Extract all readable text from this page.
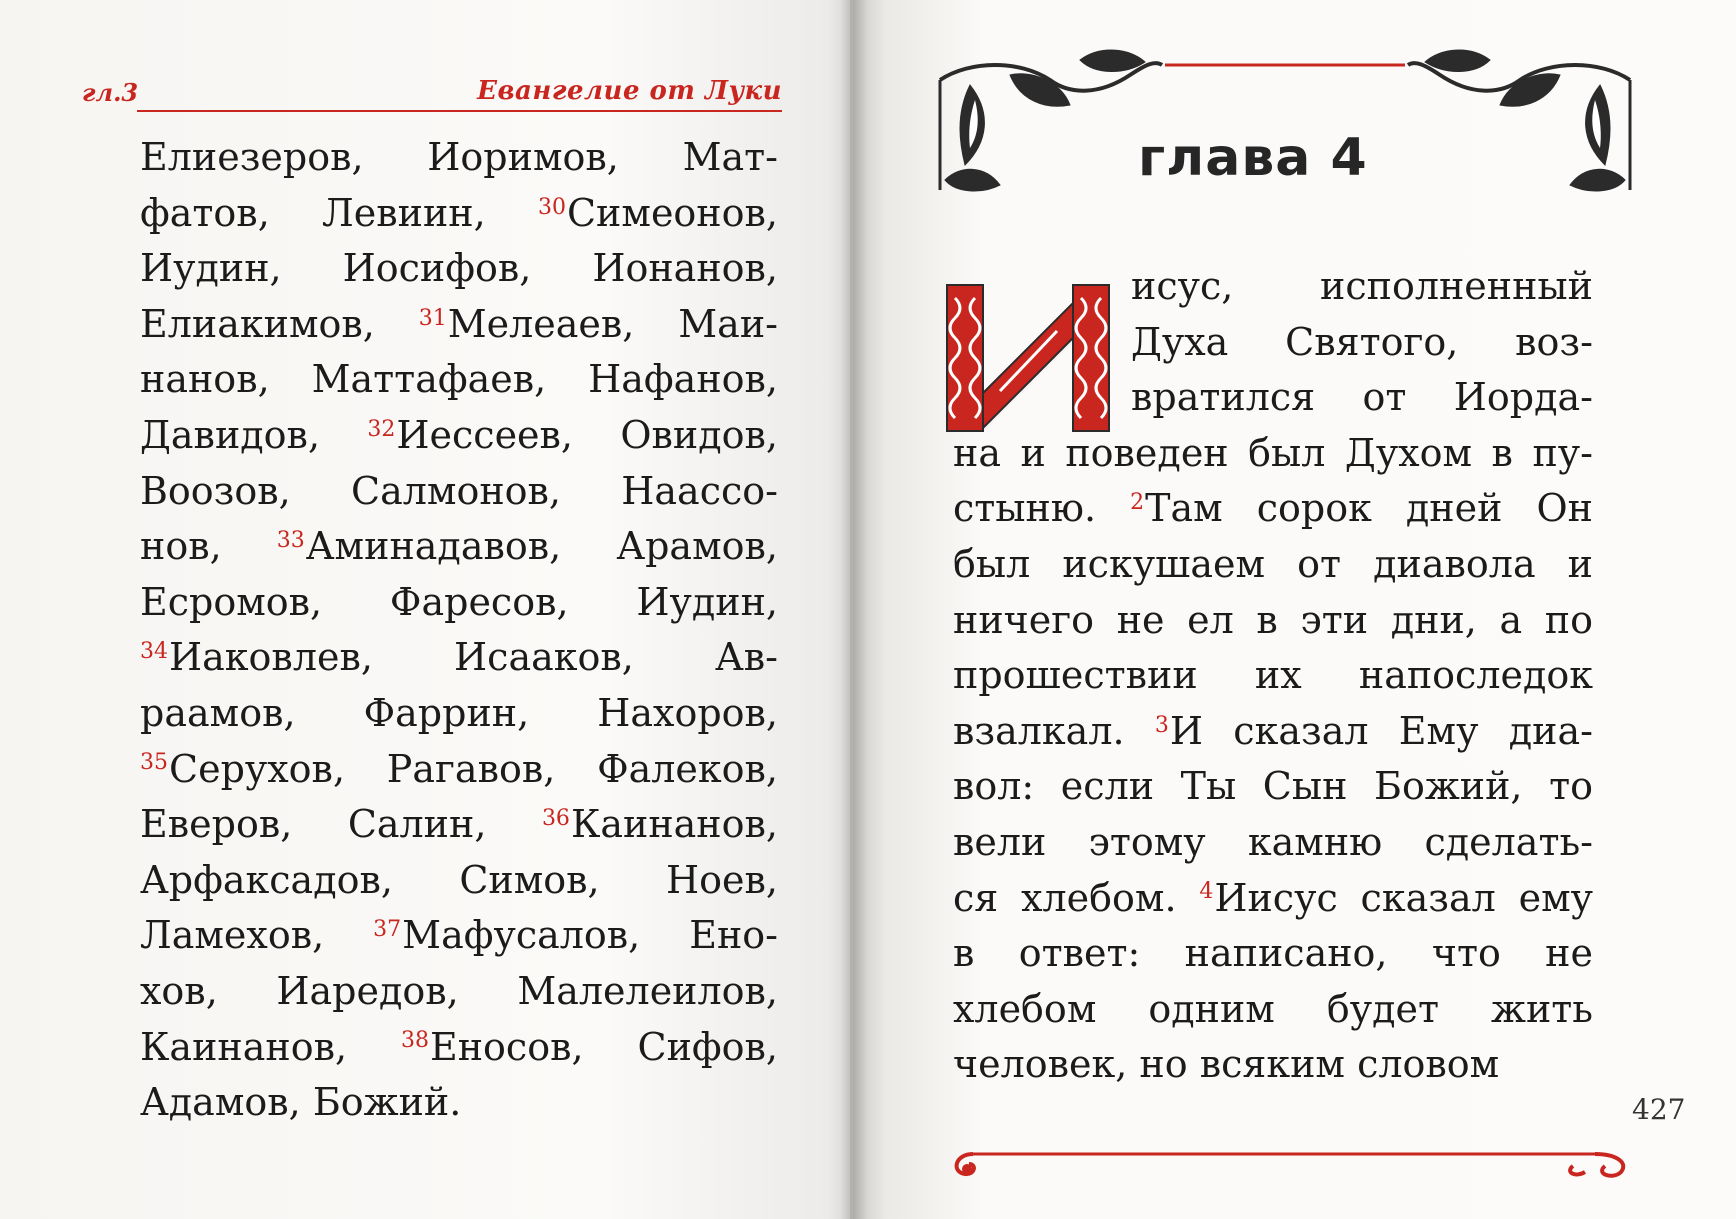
гл.3	Евангелие от Луки
Елиезеров, Иоримов, Мат-
фатов, Левиин, $^{30}$Симеонов,
Иудин, Иосифов, Ионанов,
Елиакимов, $^{31}$Мелеаев, Маи-
нанов, Маттафаев, Нафанов,
Давидов, $^{32}$Иессеев, Овидов,
Воозов, Салмонов, Наассо-
нов, $^{33}$Аминадавов, Арамов,
Есромов, Фаресов, Иудин,
$^{34}$Иаковлев, Исааков, Ав-
раамов, Фаррин, Нахоров,
$^{35}$Серухов, Рагавов, Фалеков,
Еверов, Салин, $^{36}$Каинанов,
Арфаксадов, Симов, Ноев,
Ламехов, $^{37}$Мафусалов, Ено-
хов, Иаредов, Малелеилов,
Каинанов, $^{38}$Еносов, Сифов,
Адамов, Божий.
глава 4
исус, исполненный
Духа Святого, воз-
вратился от Иорда-
на и поведен был Духом в пу-
стыню. $^2$Там сорок дней Он
был искушаем от диавола и
ничего не ел в эти дни, а по
прошествии их напоследок
взалкал. $^3$И сказал Ему диа-
вол: если Ты Сын Божий, то
вели этому камню сделать-
ся хлебом. $^4$Иисус сказал ему
в ответ: написано, что не
хлебом одним будет жить
человек, но всяким словом
427
